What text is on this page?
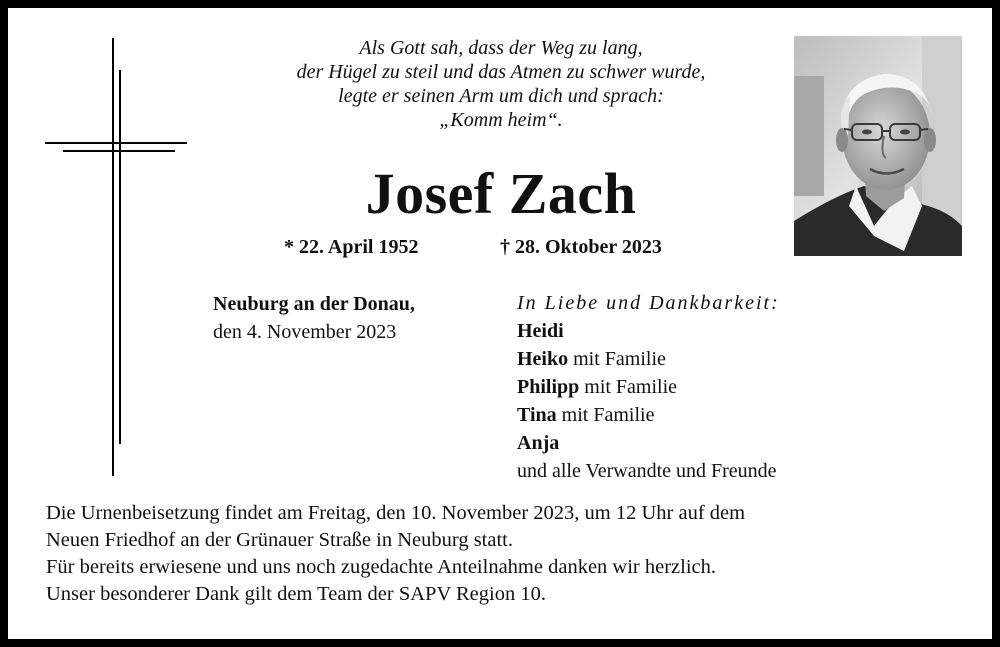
Als Gott sah, dass der Weg zu lang,
der Hügel zu steil und das Atmen zu schwer wurde,
legte er seinen Arm um dich und sprach:
„Komm heim“.
Josef Zach
* 22. April 1952	† 28. Oktober 2023
Neuburg an der Donau,
den 4. November 2023
In Liebe und Dankbarkeit:
Heidi
Heiko mit Familie
Philipp mit Familie
Tina mit Familie
Anja
und alle Verwandte und Freunde
Die Urnenbeisetzung findet am Freitag, den 10. November 2023, um 12 Uhr auf dem
Neuen Friedhof an der Grünauer Straße in Neuburg statt.
Für bereits erwiesene und uns noch zugedachte Anteilnahme danken wir herzlich.
Unser besonderer Dank gilt dem Team der SAPV Region 10.
